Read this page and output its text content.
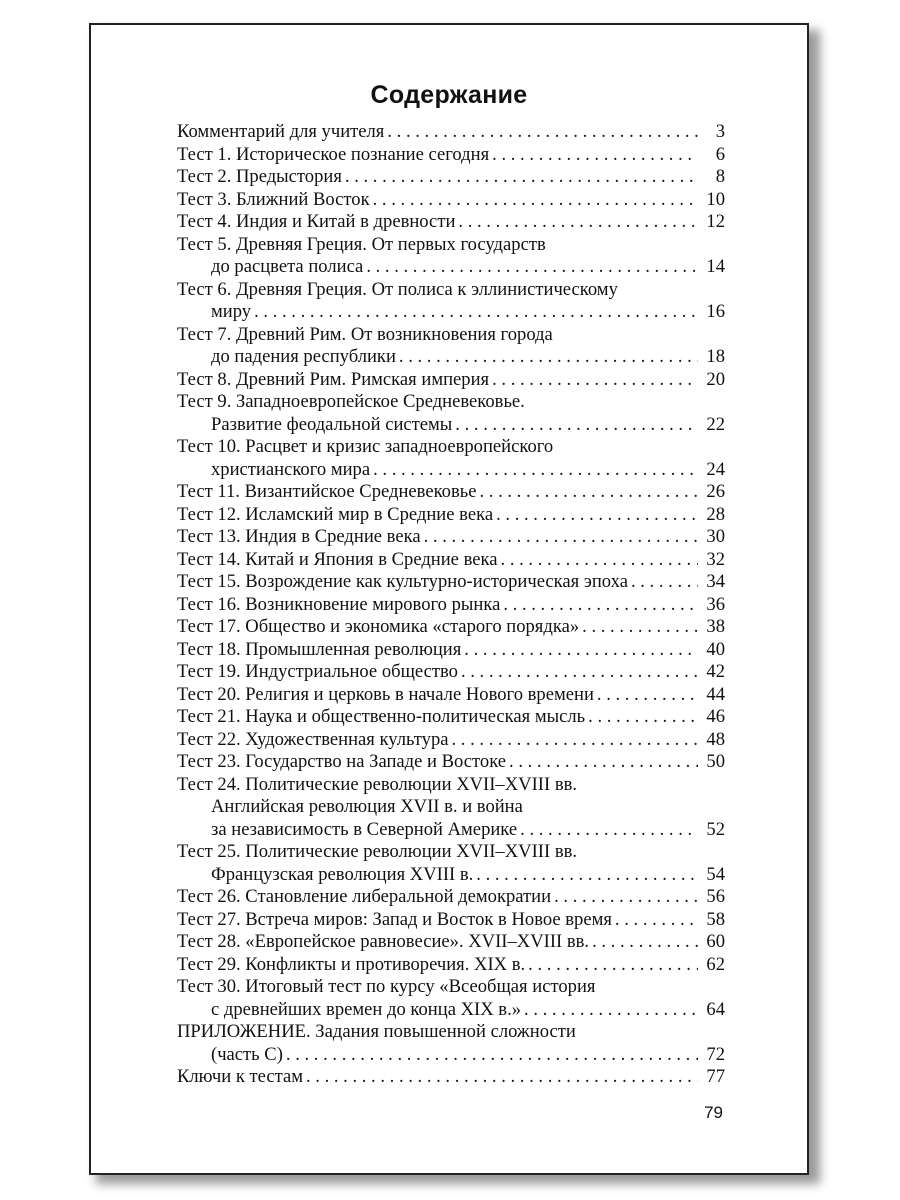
Содержание
Комментарий для учителя . . .	3
Тест 1. Историческое познание сегодня . . .	6
Тест 2. Предыстория . . .	8
Тест 3. Ближний Восток . . .	10
Тест 4. Индия и Китай в древности . . .	12
Тест 5. Древняя Греция. От первых государств
до расцвета полиса . . .	14
Тест 6. Древняя Греция. От полиса к эллинистическому
миру . . .	16
Тест 7. Древний Рим. От возникновения города
до падения республики . . .	18
Тест 8. Древний Рим. Римская империя . . .	20
Тест 9. Западноевропейское Средневековье.
Развитие феодальной системы . . .	22
Тест 10. Расцвет и кризис западноевропейского
христианского мира . . .	24
Тест 11. Византийское Средневековье . . .	26
Тест 12. Исламский мир в Средние века . . .	28
Тест 13. Индия в Средние века . . .	30
Тест 14. Китай и Япония в Средние века . . .	32
Тест 15. Возрождение как культурно-историческая эпоха . . .	34
Тест 16. Возникновение мирового рынка . . .	36
Тест 17. Общество и экономика «старого порядка» . . .	38
Тест 18. Промышленная революция . . .	40
Тест 19. Индустриальное общество . . .	42
Тест 20. Религия и церковь в начале Нового времени . . .	44
Тест 21. Наука и общественно-политическая мысль . . .	46
Тест 22. Художественная культура . . .	48
Тест 23. Государство на Западе и Востоке . . .	50
Тест 24. Политические революции XVII–XVIII вв.
Английская революция XVII в. и война
за независимость в Северной Америке . . .	52
Тест 25. Политические революции XVII–XVIII вв.
Французская революция XVIII в. . . .	54
Тест 26. Становление либеральной демократии . . .	56
Тест 27. Встреча миров: Запад и Восток в Новое время . . .	58
Тест 28. «Европейское равновесие». XVII–XVIII вв. . . .	60
Тест 29. Конфликты и противоречия. XIX в. . . .	62
Тест 30. Итоговый тест по курсу «Всеобщая история
с древнейших времен до конца XIX в.» . . .	64
ПРИЛОЖЕНИЕ. Задания повышенной сложности
(часть С) . . .	72
Ключи к тестам . . .	77
79
